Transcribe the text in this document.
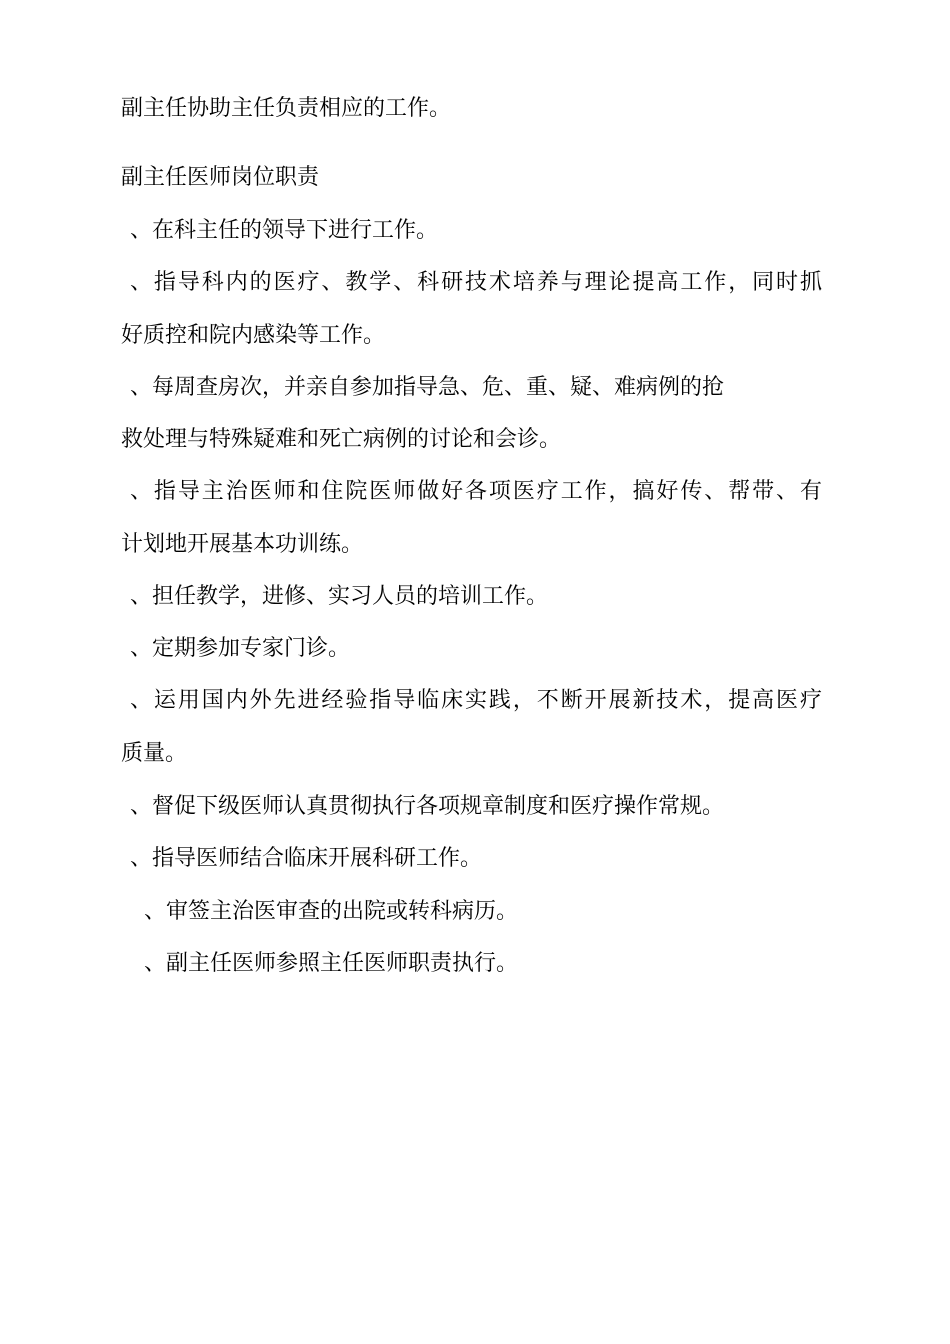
副主任协助主任负责相应的工作。
副主任医师岗位职责
、在科主任的领导下进行工作。
、指导科内的医疗、教学、科研技术培养与理论提高工作，同时抓
好质控和院内感染等工作。
、每周查房次，并亲自参加指导急、危、重、疑、难病例的抢
救处理与特殊疑难和死亡病例的讨论和会诊。
、指导主治医师和住院医师做好各项医疗工作，搞好传、帮带、有
计划地开展基本功训练。
、担任教学，进修、实习人员的培训工作。
、定期参加专家门诊。
、运用国内外先进经验指导临床实践，不断开展新技术，提高医疗
质量。
、督促下级医师认真贯彻执行各项规章制度和医疗操作常规。
、指导医师结合临床开展科研工作。
、审签主治医审查的出院或转科病历。
、副主任医师参照主任医师职责执行。
